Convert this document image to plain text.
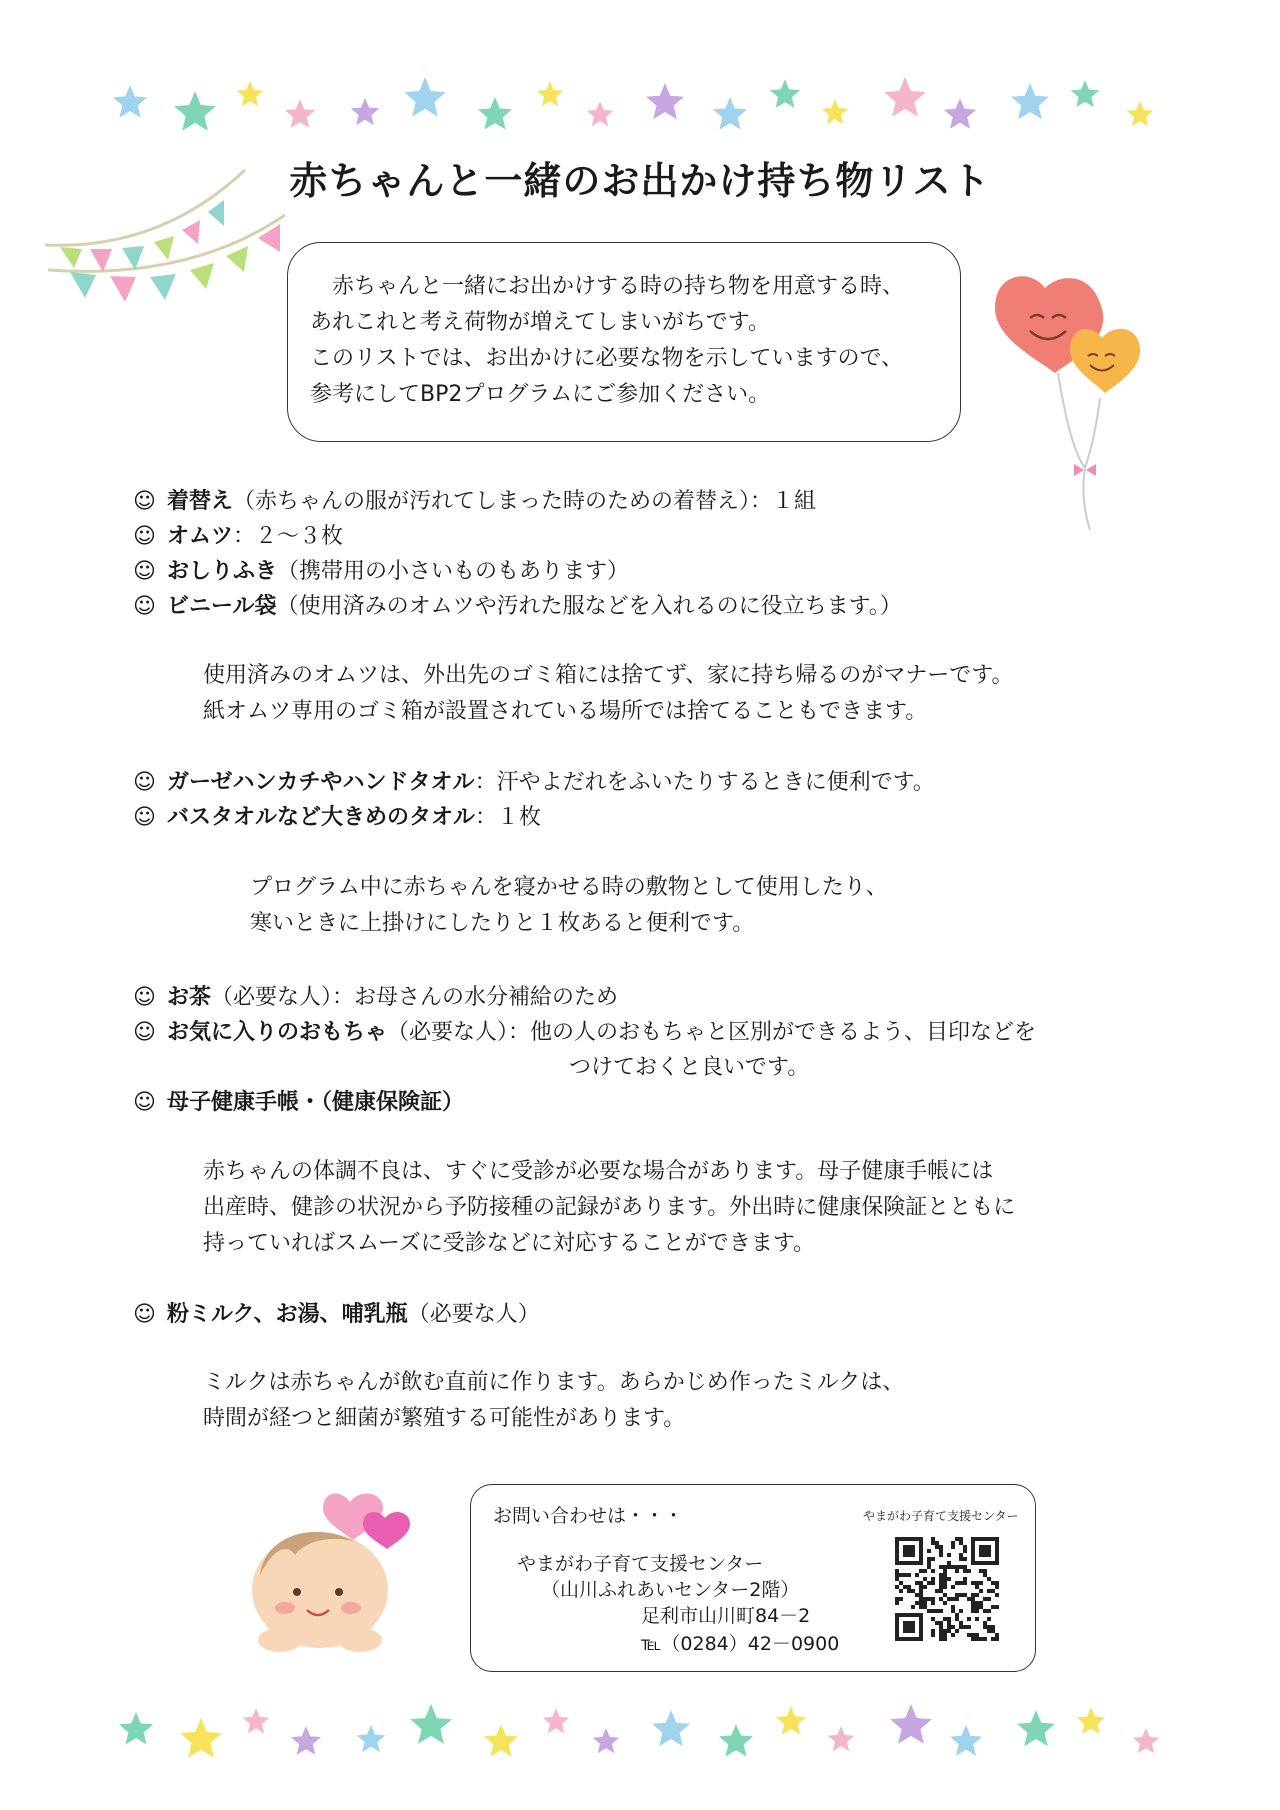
赤ちゃんと一緒のお出かけ持ち物リスト

赤ちゃんと一緒にお出かけする時の持ち物を用意する時、

あれこれと考え荷物が増えてしまいがちです。

このリストでは、お出かけに必要な物を示していますので、

参考にしてBP2プログラムにご参加ください。

☺ 着替え（赤ちゃんの服が汚れてしまった時のための着替え）：１組
☺ オムツ：２～３枚
☺ おしりふき（携帯用の小さいものもあります）
☺ ビニール袋（使用済みのオムツや汚れた服などを入れるのに役立ちます。）
使用済みのオムツは、外出先のゴミ箱には捨てず、家に持ち帰るのがマナーです。
紙オムツ専用のゴミ箱が設置されている場所では捨てることもできます。
☺ ガーゼハンカチやハンドタオル：汗やよだれをふいたりするときに便利です。
☺ バスタオルなど大きめのタオル：１枚
プログラム中に赤ちゃんを寝かせる時の敷物として使用したり、
寒いときに上掛けにしたりと１枚あると便利です。
☺ お茶（必要な人）：お母さんの水分補給のため
☺ お気に入りのおもちゃ（必要な人）：他の人のおもちゃと区別ができるよう、目印などを
つけておくと良いです。
☺ 母子健康手帳・（健康保険証）
赤ちゃんの体調不良は、すぐに受診が必要な場合があります。母子健康手帳には
出産時、健診の状況から予防接種の記録があります。外出時に健康保険証とともに
持っていればスムーズに受診などに対応することができます。
☺ 粉ミルク、お湯、哺乳瓶（必要な人）
ミルクは赤ちゃんが飲む直前に作ります。あらかじめ作ったミルクは、
時間が経つと細菌が繁殖する可能性があります。
お問い合わせは・・・	やまがわ子育て支援センター
やまがわ子育て支援センター
（山川ふれあいセンター2階）
足利市山川町84－2
℡（0284）42－0900
